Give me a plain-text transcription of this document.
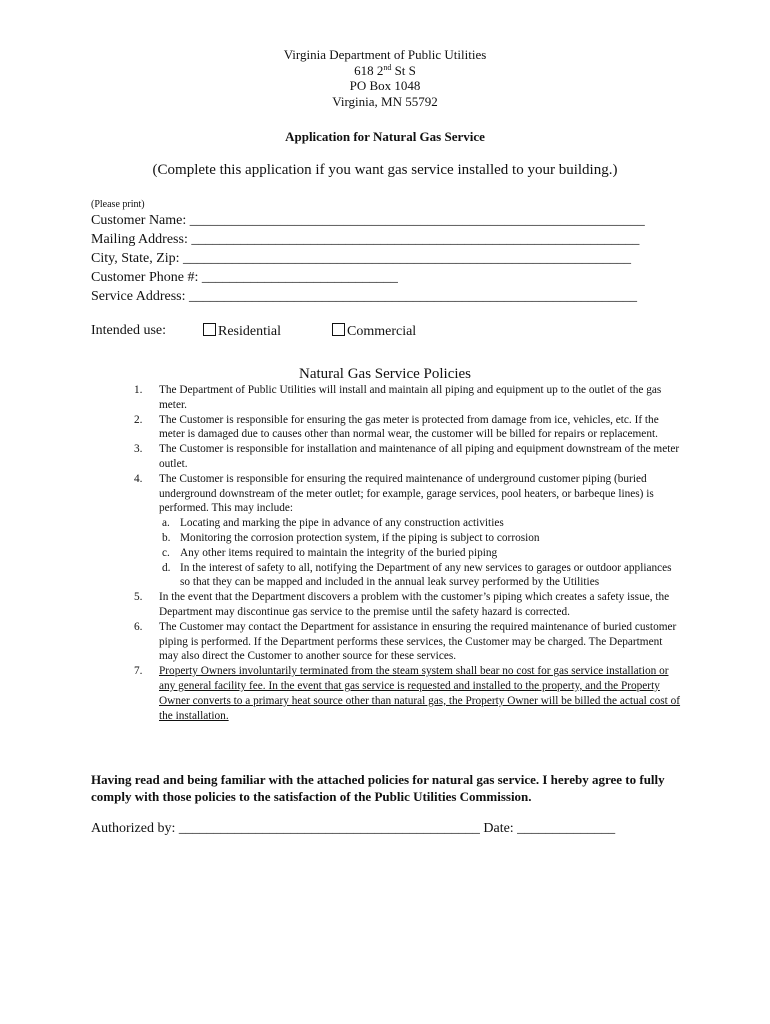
Virginia Department of Public Utilities
618 2nd St S
PO Box 1048
Virginia, MN 55792
Application for Natural Gas Service
(Complete this application if you want gas service installed to your building.)
(Please print)
Customer Name: _________________________________________________________________
Mailing Address: ________________________________________________________________
City, State, Zip: ________________________________________________________________
Customer Phone #: ____________________________
Service Address: ________________________________________________________________
Intended use:	Residential	Commercial
Natural Gas Service Policies
1. The Department of Public Utilities will install and maintain all piping and equipment up to the outlet of the gas meter.
2. The Customer is responsible for ensuring the gas meter is protected from damage from ice, vehicles, etc. If the meter is damaged due to causes other than normal wear, the customer will be billed for repairs or replacement.
3. The Customer is responsible for installation and maintenance of all piping and equipment downstream of the meter outlet.
4. The Customer is responsible for ensuring the required maintenance of underground customer piping (buried underground downstream of the meter outlet; for example, garage services, pool heaters, or barbeque lines) is performed. This may include:
a. Locating and marking the pipe in advance of any construction activities
b. Monitoring the corrosion protection system, if the piping is subject to corrosion
c. Any other items required to maintain the integrity of the buried piping
d. In the interest of safety to all, notifying the Department of any new services to garages or outdoor appliances so that they can be mapped and included in the annual leak survey performed by the Utilities
5. In the event that the Department discovers a problem with the customer’s piping which creates a safety issue, the Department may discontinue gas service to the premise until the safety hazard is corrected.
6. The Customer may contact the Department for assistance in ensuring the required maintenance of buried customer piping is performed. If the Department performs these services, the Customer may be charged. The Department may also direct the Customer to another source for these services.
7. Property Owners involuntarily terminated from the steam system shall bear no cost for gas service installation or any general facility fee. In the event that gas service is requested and installed to the property, and the Property Owner converts to a primary heat source other than natural gas, the Property Owner will be billed the actual cost of the installation.
Having read and being familiar with the attached policies for natural gas service. I hereby agree to fully comply with those policies to the satisfaction of the Public Utilities Commission.
Authorized by: ___________________________________________ Date: ______________
